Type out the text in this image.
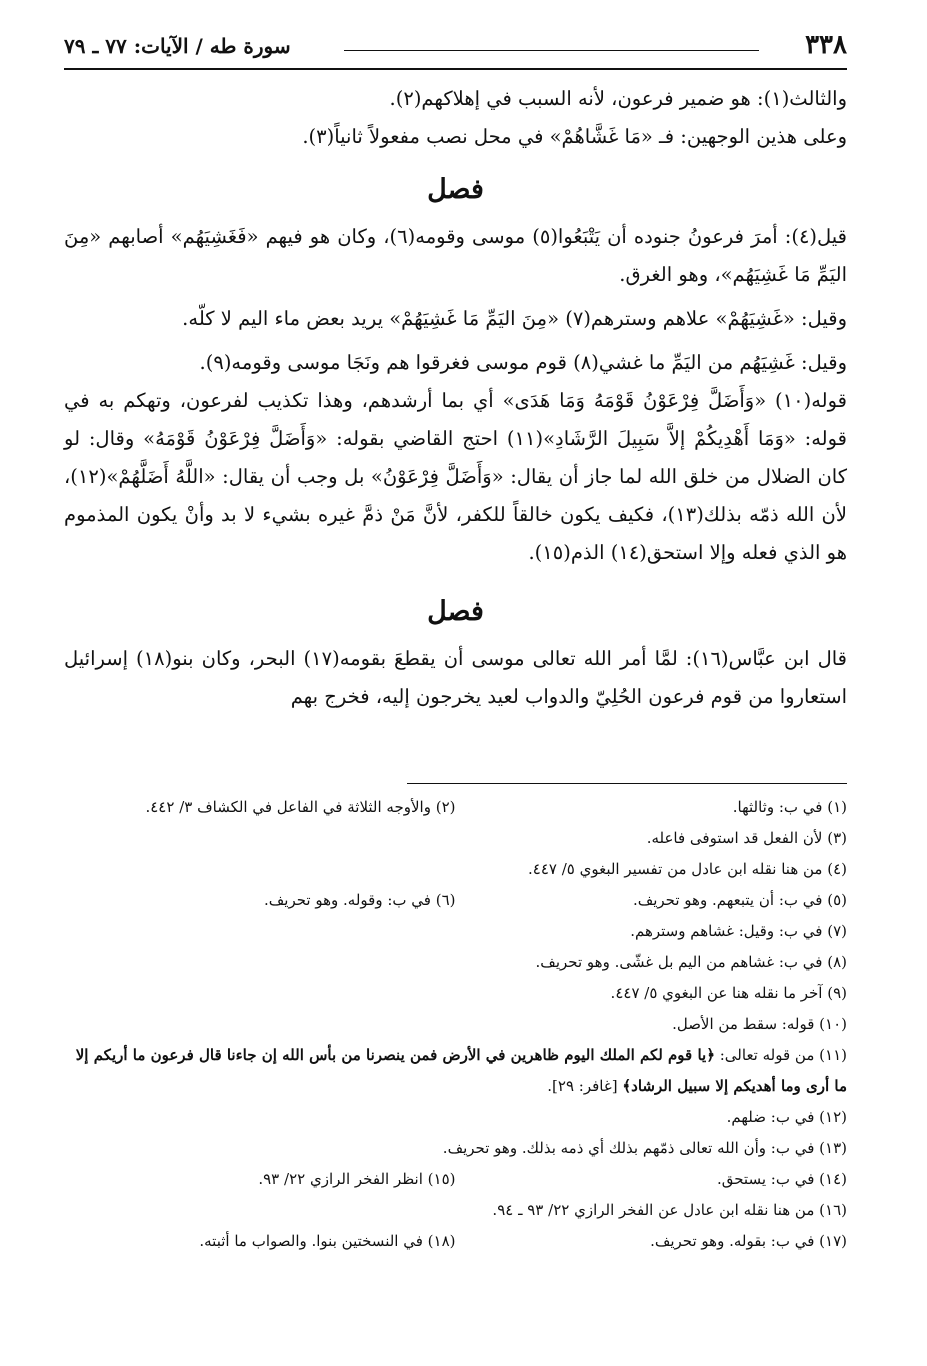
٣٣٨
سورة طه / الآيات: ٧٧ ـ ٧٩

والثالث(١): هو ضمير فرعون، لأنه السبب في إهلاكهم(٢).

وعلى هذين الوجهين: فـ «مَا غَشَّاهُمْ» في محل نصب مفعولاً ثانياً(٣).

فصل

قيل(٤): أمرَ فرعونُ جنوده أن يَتْبَعُوا(٥) موسى وقومه(٦)، وكان هو فيهم «فَغَشِيَهُم» أصابهم «مِنَ اليَمِّ مَا غَشِيَهُم»، وهو الغرق.

وقيل: «غَشِيَهُمْ» علاهم وسترهم(٧) «مِنَ اليَمِّ مَا غَشِيَهُمْ» يريد بعض ماء اليم لا كلّه.

وقيل: غَشِيَهُم من اليَمِّ ما غشي(٨) قوم موسى فغرقوا هم ونَجَا موسى وقومه(٩).

قوله(١٠) «وَأَضَلَّ فِرْعَوْنُ قَوْمَهُ وَمَا هَدَى» أي بما أرشدهم، وهذا تكذيب لفرعون، وتهكم به في قوله: «وَمَا أَهْدِيكُمْ إلاَّ سَبِيلَ الرَّشَادِ»(١١) احتج القاضي بقوله: «وَأَضَلَّ فِرْعَوْنُ قَوْمَهُ» وقال: لو كان الضلال من خلق الله لما جاز أن يقال: «وَأَضَلَّ فِرْعَوْنُ» بل وجب أن يقال: «اللَّهُ أَضَلَّهُمْ»(١٢)، لأن الله ذمّه بذلك(١٣)، فكيف يكون خالقاً للكفر، لأنَّ مَنْ ذمَّ غيره بشيء لا بد وأنْ يكون المذموم هو الذي فعله وإلا استحق(١٤) الذم(١٥).

فصل

قال ابن عبَّاس(١٦): لمَّا أمر الله تعالى موسى أن يقطعَ بقومه(١٧) البحر، وكان بنو(١٨) إسرائيل استعاروا من قوم فرعون الحُلِيّ والدواب لعيد يخرجون إليه، فخرج بهم

(١) في ب: وثالثها.
(٢) والأوجه الثلاثة في الفاعل في الكشاف ٣/ ٤٤٢.

(٣) لأن الفعل قد استوفى فاعله.

(٤) من هنا نقله ابن عادل من تفسير البغوي ٥/ ٤٤٧.

(٥) في ب: أن يتبعهم. وهو تحريف.
(٦) في ب: وقوله. وهو تحريف.

(٧) في ب: وقيل: غشاهم وسترهم.

(٨) في ب: غشاهم من اليم بل غشّى. وهو تحريف.

(٩) آخر ما نقله هنا عن البغوي ٥/ ٤٤٧.

(١٠) قوله: سقط من الأصل.

(١١) من قوله تعالى: ﴿يا قوم لكم الملك اليوم ظاهرين في الأرض فمن ينصرنا من بأس الله إن جاءنا قال فرعون ما أريكم إلا ما أرى وما أهديكم إلا سبيل الرشاد﴾ [غافر: ٢٩].

(١٢) في ب: ضلهم.

(١٣) في ب: وأن الله تعالى ذمّهم بذلك أي ذمه بذلك. وهو تحريف.

(١٤) في ب: يستحق.
(١٥) انظر الفخر الرازي ٢٢/ ٩٣.

(١٦) من هنا نقله ابن عادل عن الفخر الرازي ٢٢/ ٩٣ ـ ٩٤.

(١٧) في ب: بقوله. وهو تحريف.
(١٨) في النسختين بنوا. والصواب ما أثبته.
